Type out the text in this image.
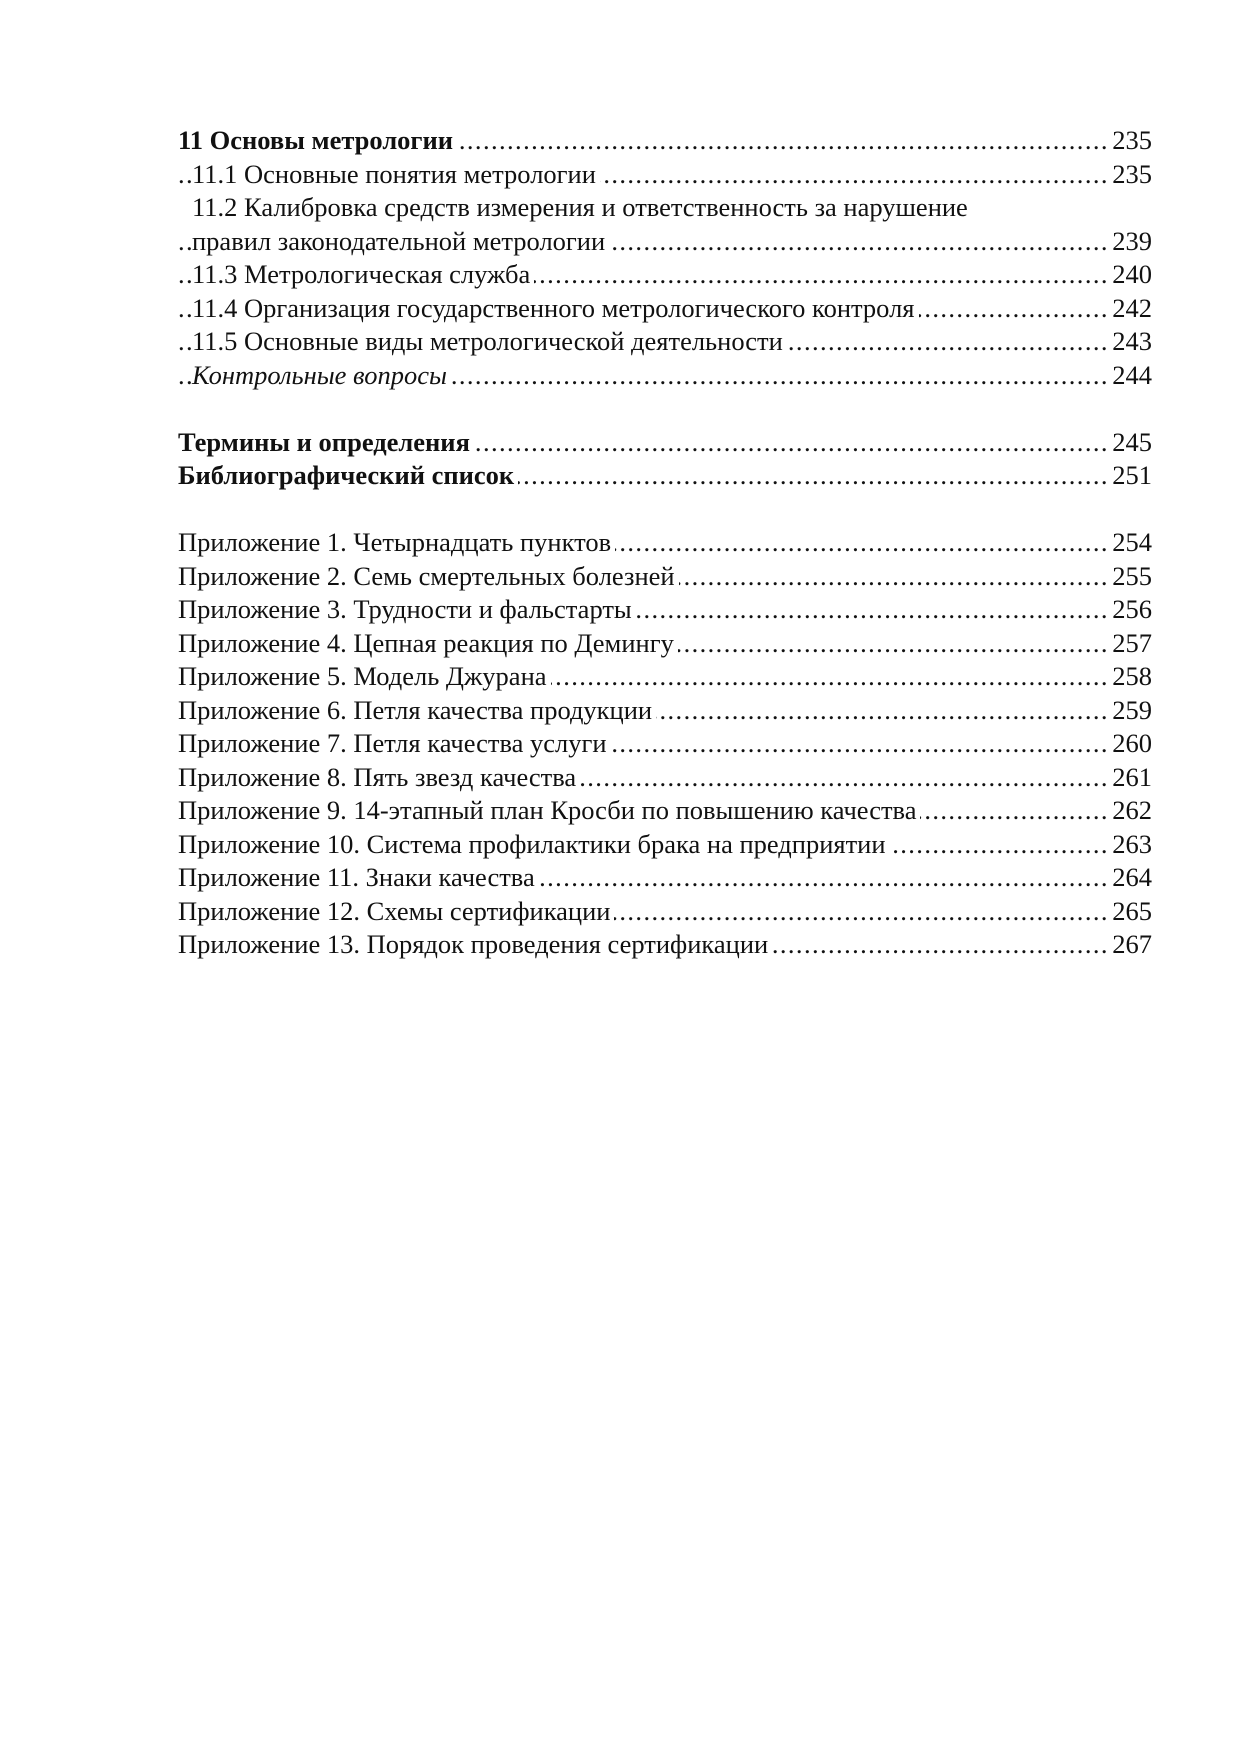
11 Основы метрологии	235
.....
11.1 Основные понятия метрологии	235
.....
11.2 Калибровка средств измерения и ответственность за нарушение
правил законодательной метрологии	239
.....
11.3 Метрологическая служба	240
.....
11.4 Организация государственного метрологического контроля	242
.....
11.5 Основные виды метрологической деятельности	243
.....
Контрольные вопросы	244
.....
Термины и определения	245
.....
Библиографический список	251
.....
Приложение 1. Четырнадцать пунктов	254
.....
Приложение 2. Семь смертельных болезней	255
.....
Приложение 3. Трудности и фальстарты	256
.....
Приложение 4. Цепная реакция по Демингу	257
.....
Приложение 5. Модель Джурана	258
.....
Приложение 6. Петля качества продукции	259
.....
Приложение 7. Петля качества услуги	260
.....
Приложение 8. Пять звезд качества	261
.....
Приложение 9. 14-этапный план Кросби по повышению качества	262
.....
Приложение 10. Система профилактики брака на предприятии	263
.....
Приложение 11. Знаки качества	264
.....
Приложение 12. Схемы сертификации	265
.....
Приложение 13. Порядок проведения сертификации	267
.....
